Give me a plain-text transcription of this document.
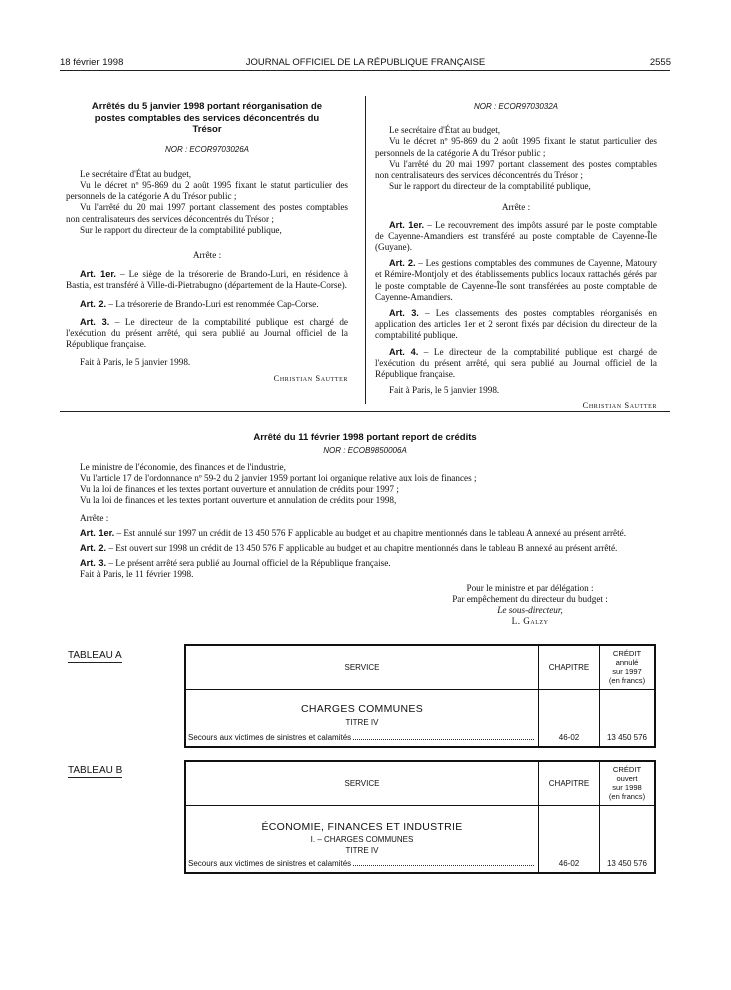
18 février 1998	JOURNAL OFFICIEL DE LA RÉPUBLIQUE FRANÇAISE	2555
Arrêtés du 5 janvier 1998 portant réorganisation de postes comptables des services déconcentrés du Trésor
NOR : ECOR9703026A

Le secrétaire d'État au budget,

Vu le décret nº 95-869 du 2 août 1995 fixant le statut particulier des personnels de la catégorie A du Trésor public ;

Vu l'arrêté du 20 mai 1997 portant classement des postes comptables non centralisateurs des services déconcentrés du Trésor ;

Sur le rapport du directeur de la comptabilité publique,

Arrête :

Art. 1er. – Le siège de la trésorerie de Brando-Luri, en résidence à Bastia, est transféré à Ville-di-Pietrabugno (département de la Haute-Corse).

Art. 2. – La trésorerie de Brando-Luri est renommée Cap-Corse.

Art. 3. – Le directeur de la comptabilité publique est chargé de l'exécution du présent arrêté, qui sera publié au Journal officiel de la République française.

Fait à Paris, le 5 janvier 1998.

Christian Sautter

NOR : ECOR9703032A

Le secrétaire d'État au budget,

Vu le décret nº 95-869 du 2 août 1995 fixant le statut particulier des personnels de la catégorie A du Trésor public ;

Vu l'arrêté du 20 mai 1997 portant classement des postes comptables non centralisateurs des services déconcentrés du Trésor ;

Sur le rapport du directeur de la comptabilité publique,

Arrête :

Art. 1er. – Le recouvrement des impôts assuré par le poste comptable de Cayenne-Amandiers est transféré au poste comptable de Cayenne-Île (Guyane).

Art. 2. – Les gestions comptables des communes de Cayenne, Matoury et Rémire-Montjoly et des établissements publics locaux rattachés gérés par le poste comptable de Cayenne-Île sont transférées au poste comptable de Cayenne-Amandiers.

Art. 3. – Les classements des postes comptables réorganisés en application des articles 1er et 2 seront fixés par décision du directeur de la comptabilité publique.

Art. 4. – Le directeur de la comptabilité publique est chargé de l'exécution du présent arrêté, qui sera publié au Journal officiel de la République française.

Fait à Paris, le 5 janvier 1998.

Christian Sautter

Arrêté du 11 février 1998 portant report de crédits
NOR : ECOB9850006A

Le ministre de l'économie, des finances et de l'industrie,

Vu l'article 17 de l'ordonnance nº 59-2 du 2 janvier 1959 portant loi organique relative aux lois de finances ;

Vu la loi de finances et les textes portant ouverture et annulation de crédits pour 1997 ;

Vu la loi de finances et les textes portant ouverture et annulation de crédits pour 1998,

Arrête :

Art. 1er. – Est annulé sur 1997 un crédit de 13 450 576 F applicable au budget et au chapitre mentionnés dans le tableau A annexé au présent arrêté.

Art. 2. – Est ouvert sur 1998 un crédit de 13 450 576 F applicable au budget et au chapitre mentionnés dans le tableau B annexé au présent arrêté.

Art. 3. – Le présent arrêté sera publié au Journal officiel de la République française.

Fait à Paris, le 11 février 1998.

Pour le ministre et par délégation :

Par empêchement du directeur du budget :

Le sous-directeur,

L. Galzy

TABLEAU A
SERVICE	CHAPITRE	CRÉDIT
annulé
sur 1997
(en francs)

CHARGES COMMUNES
TITRE IV
Secours aux victimes de sinistres et calamités	46-02	13 450 576
TABLEAU B
SERVICE	CHAPITRE	CRÉDIT
ouvert
sur 1998
(en francs)

ÉCONOMIE, FINANCES ET INDUSTRIE
I. – CHARGES COMMUNES
TITRE IV
Secours aux victimes de sinistres et calamités	46-02	13 450 576
